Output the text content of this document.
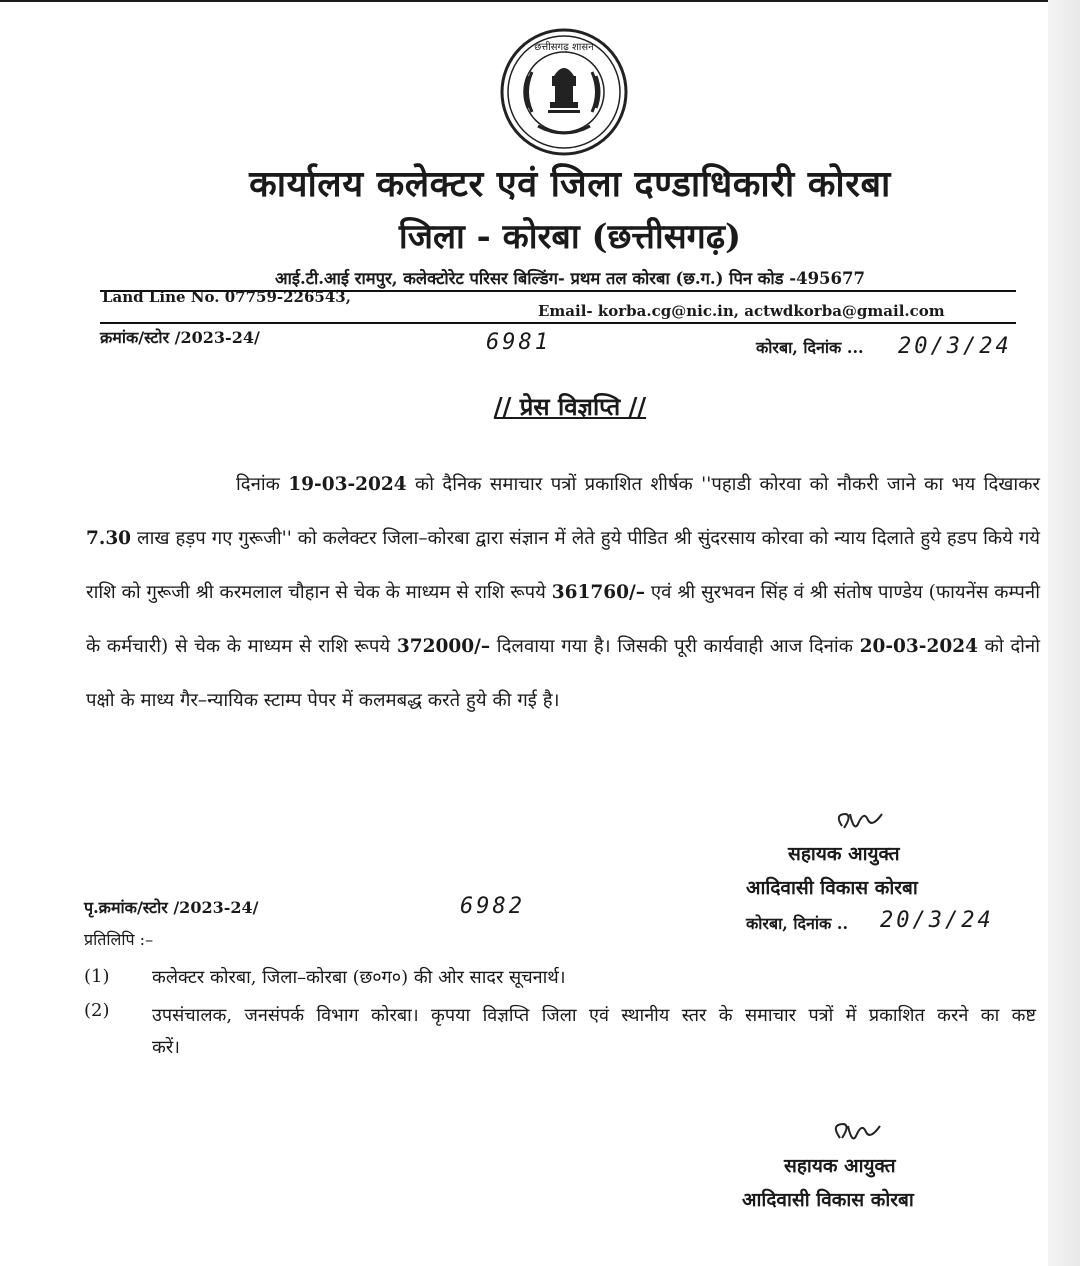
छत्तीसगढ़ शासन
कार्यालय कलेक्टर एवं जिला दण्डाधिकारी कोरबा
जिला - कोरबा (छत्तीसगढ़)
आई.टी.आई रामपुर, कलेक्टोरेट परिसर बिल्डिंग- प्रथम तल कोरबा (छ.ग.) पिन कोड -495677
Land Line No. 07759-226543,
Email- korba.cg@nic.in, actwdkorba@gmail.com
क्रमांक/स्टोर /2023-24/	6981	कोरबा, दिनांक ... 20/3/24
// प्रेस विज्ञप्ति //
दिनांक 19-03-2024 को दैनिक समाचार पत्रों प्रकाशित शीर्षक ''पहाडी कोरवा को नौकरी जाने का भय दिखाकर 7.30 लाख हड़प गए गुरूजी'' को कलेक्टर जिला–कोरबा द्वारा संज्ञान में लेते हुये पीडित श्री सुंदरसाय कोरवा को न्याय दिलाते हुये हडप किये गये राशि को गुरूजी श्री करमलाल चौहान से चेक के माध्यम से राशि रूपये 361760/– एवं श्री सुरभवन सिंह वं श्री संतोष पाण्डेय (फायनेंस कम्पनी के कर्मचारी) से चेक के माध्यम से राशि रूपये 372000/– दिलवाया गया है। जिसकी पूरी कार्यवाही आज दिनांक 20-03-2024 को दोनो पक्षो के माध्य गैर–न्यायिक स्टाम्प पेपर में कलमबद्ध करते हुये की गई है।
सहायक आयुक्त
आदिवासी विकास कोरबा
पृ.क्रमांक/स्टोर /2023-24/	6982
कोरबा, दिनांक .. 20/3/24
प्रतिलिपि :–
(1) कलेक्टर कोरबा, जिला–कोरबा (छ०ग०) की ओर सादर सूचनार्थ।
(2) उपसंचालक, जनसंपर्क विभाग कोरबा। कृपया विज्ञप्ति जिला एवं स्थानीय स्तर के समाचार पत्रों में प्रकाशित करने का कष्ट करें।
सहायक आयुक्त
आदिवासी विकास कोरबा
